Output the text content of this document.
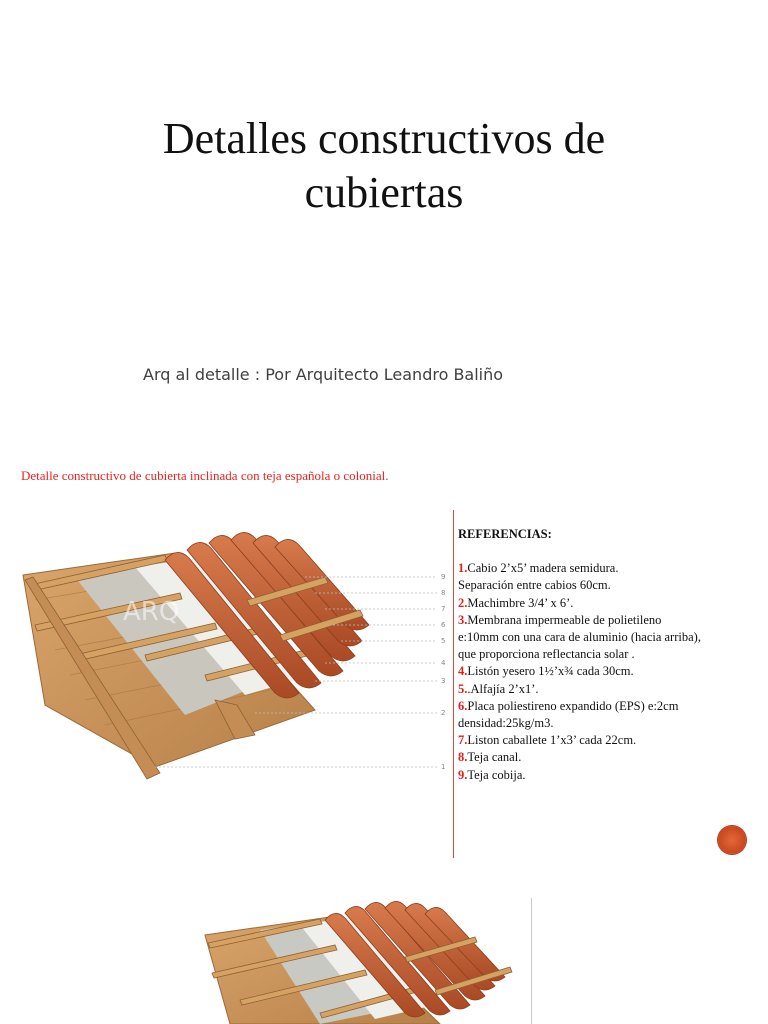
Detalles constructivos de
cubiertas
Arq al detalle : Por Arquitecto Leandro Baliño
Detalle constructivo de cubierta inclinada con teja española o colonial.
9
8
7
6
5
4
3
2
1
ARQ
REFERENCIAS:
1.Cabio 2’x5’ madera semidura.
Separación entre cabios 60cm.
2.Machimbre 3/4’ x 6’.
3.Membrana impermeable de polietileno
e:10mm con una cara de aluminio (hacia arriba),
que proporciona reflectancia solar .
4.Listón yesero 1½’x¾ cada 30cm.
5..Alfajía 2’x1’.
6.Placa poliestireno expandido (EPS) e:2cm
densidad:25kg/m3.
7.Liston caballete 1’x3’ cada 22cm.
8.Teja canal.
9.Teja cobija.
